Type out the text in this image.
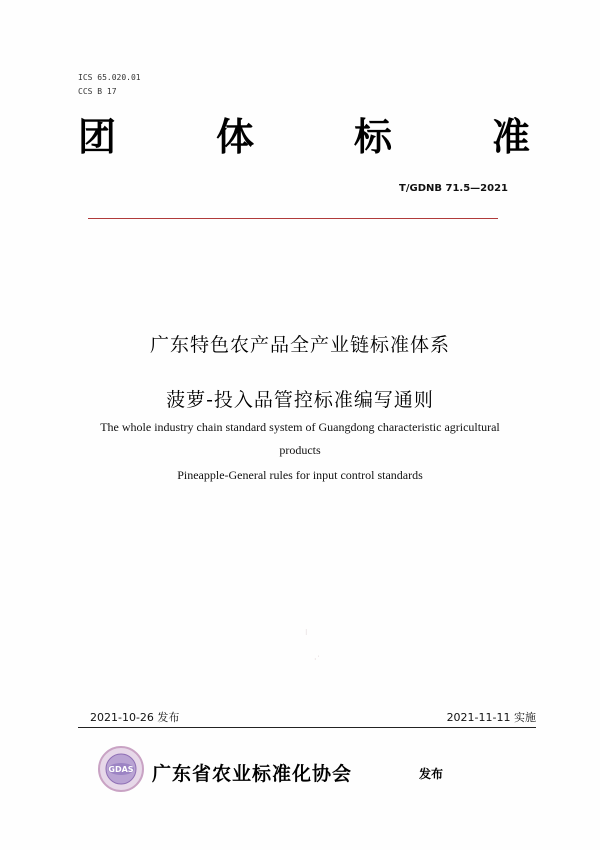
ICS 65.020.01
CCS B 17
团	体	标	准
T/GDNB 71.5—2021
广东特色农产品全产业链标准体系
菠萝-投入品管控标准编写通则
The whole industry chain standard system of Guangdong characteristic agricultural
products
Pineapple-General rules for input control standards
⁝
·˙
2021-10-26 发布	2021-11-11 实施
GDAS 广东省农业标准化协会	发布
